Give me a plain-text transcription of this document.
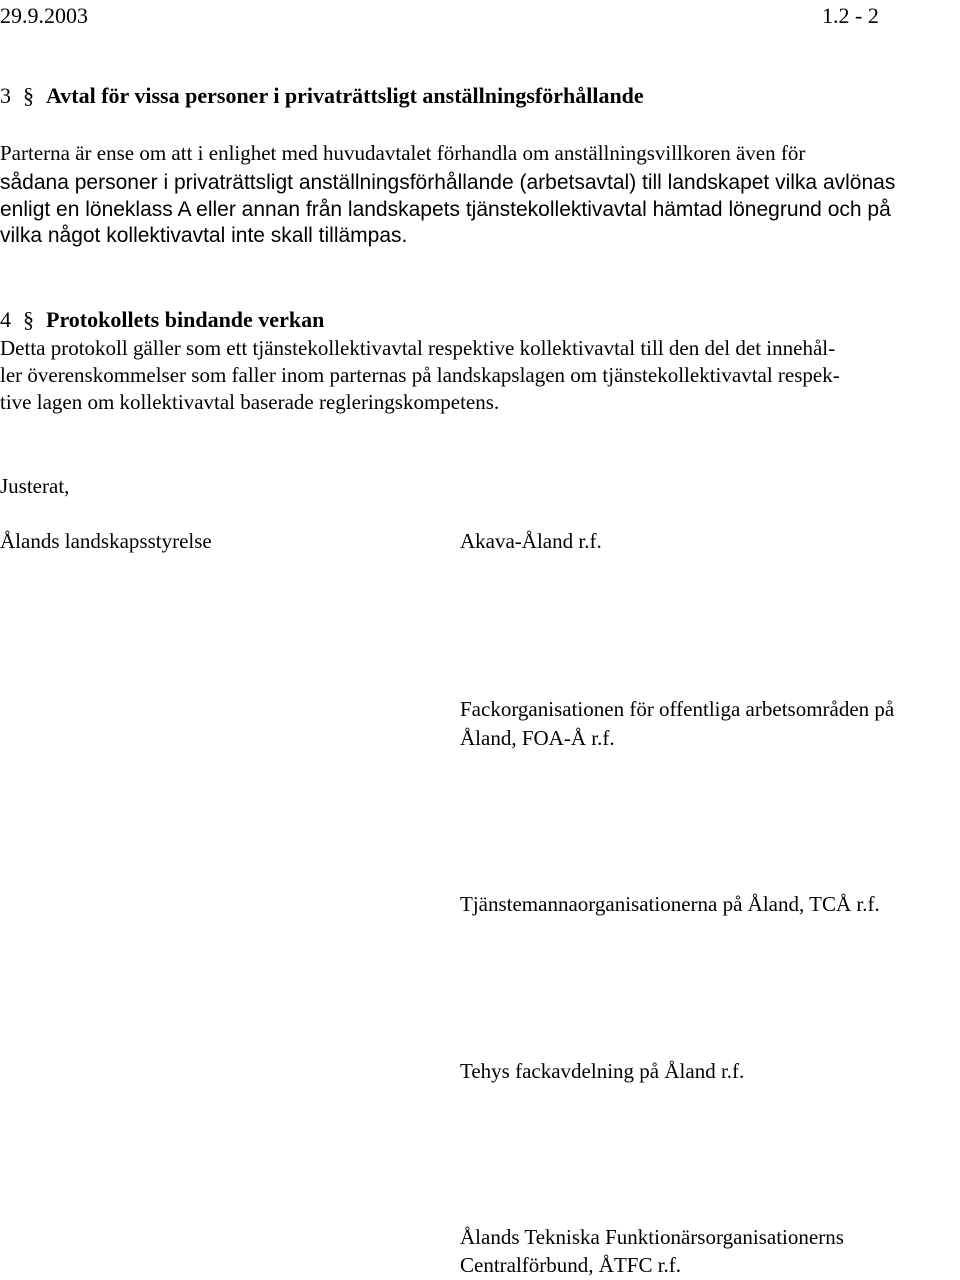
29.9.2003	1.2 - 2
3 § Avtal för vissa personer i privaträttsligt anställningsförhållande
Parterna är ense om att i enlighet med huvudavtalet förhandla om anställningsvillkoren även för
sådana personer i privaträttsligt anställningsförhållande (arbetsavtal) till landskapet vilka avlönas
enligt en löneklass A eller annan från landskapets tjänstekollektivavtal hämtad lönegrund och på
vilka något kollektivavtal inte skall tillämpas.
4 § Protokollets bindande verkan
Detta protokoll gäller som ett tjänstekollektivavtal respektive kollektivavtal till den del det innehål-
ler överenskommelser som faller inom parternas på landskapslagen om tjänstekollektivavtal respek-
tive lagen om kollektivavtal baserade regleringskompetens.
Justerat,
Ålands landskapsstyrelse	Akava-Åland r.f.
Fackorganisationen för offentliga arbetsområden på
Åland, FOA-Å r.f.
Tjänstemannaorganisationerna på Åland, TCÅ r.f.
Tehys fackavdelning på Åland r.f.
Ålands Tekniska Funktionärsorganisationerns
Centralförbund, ÅTFC r.f.
